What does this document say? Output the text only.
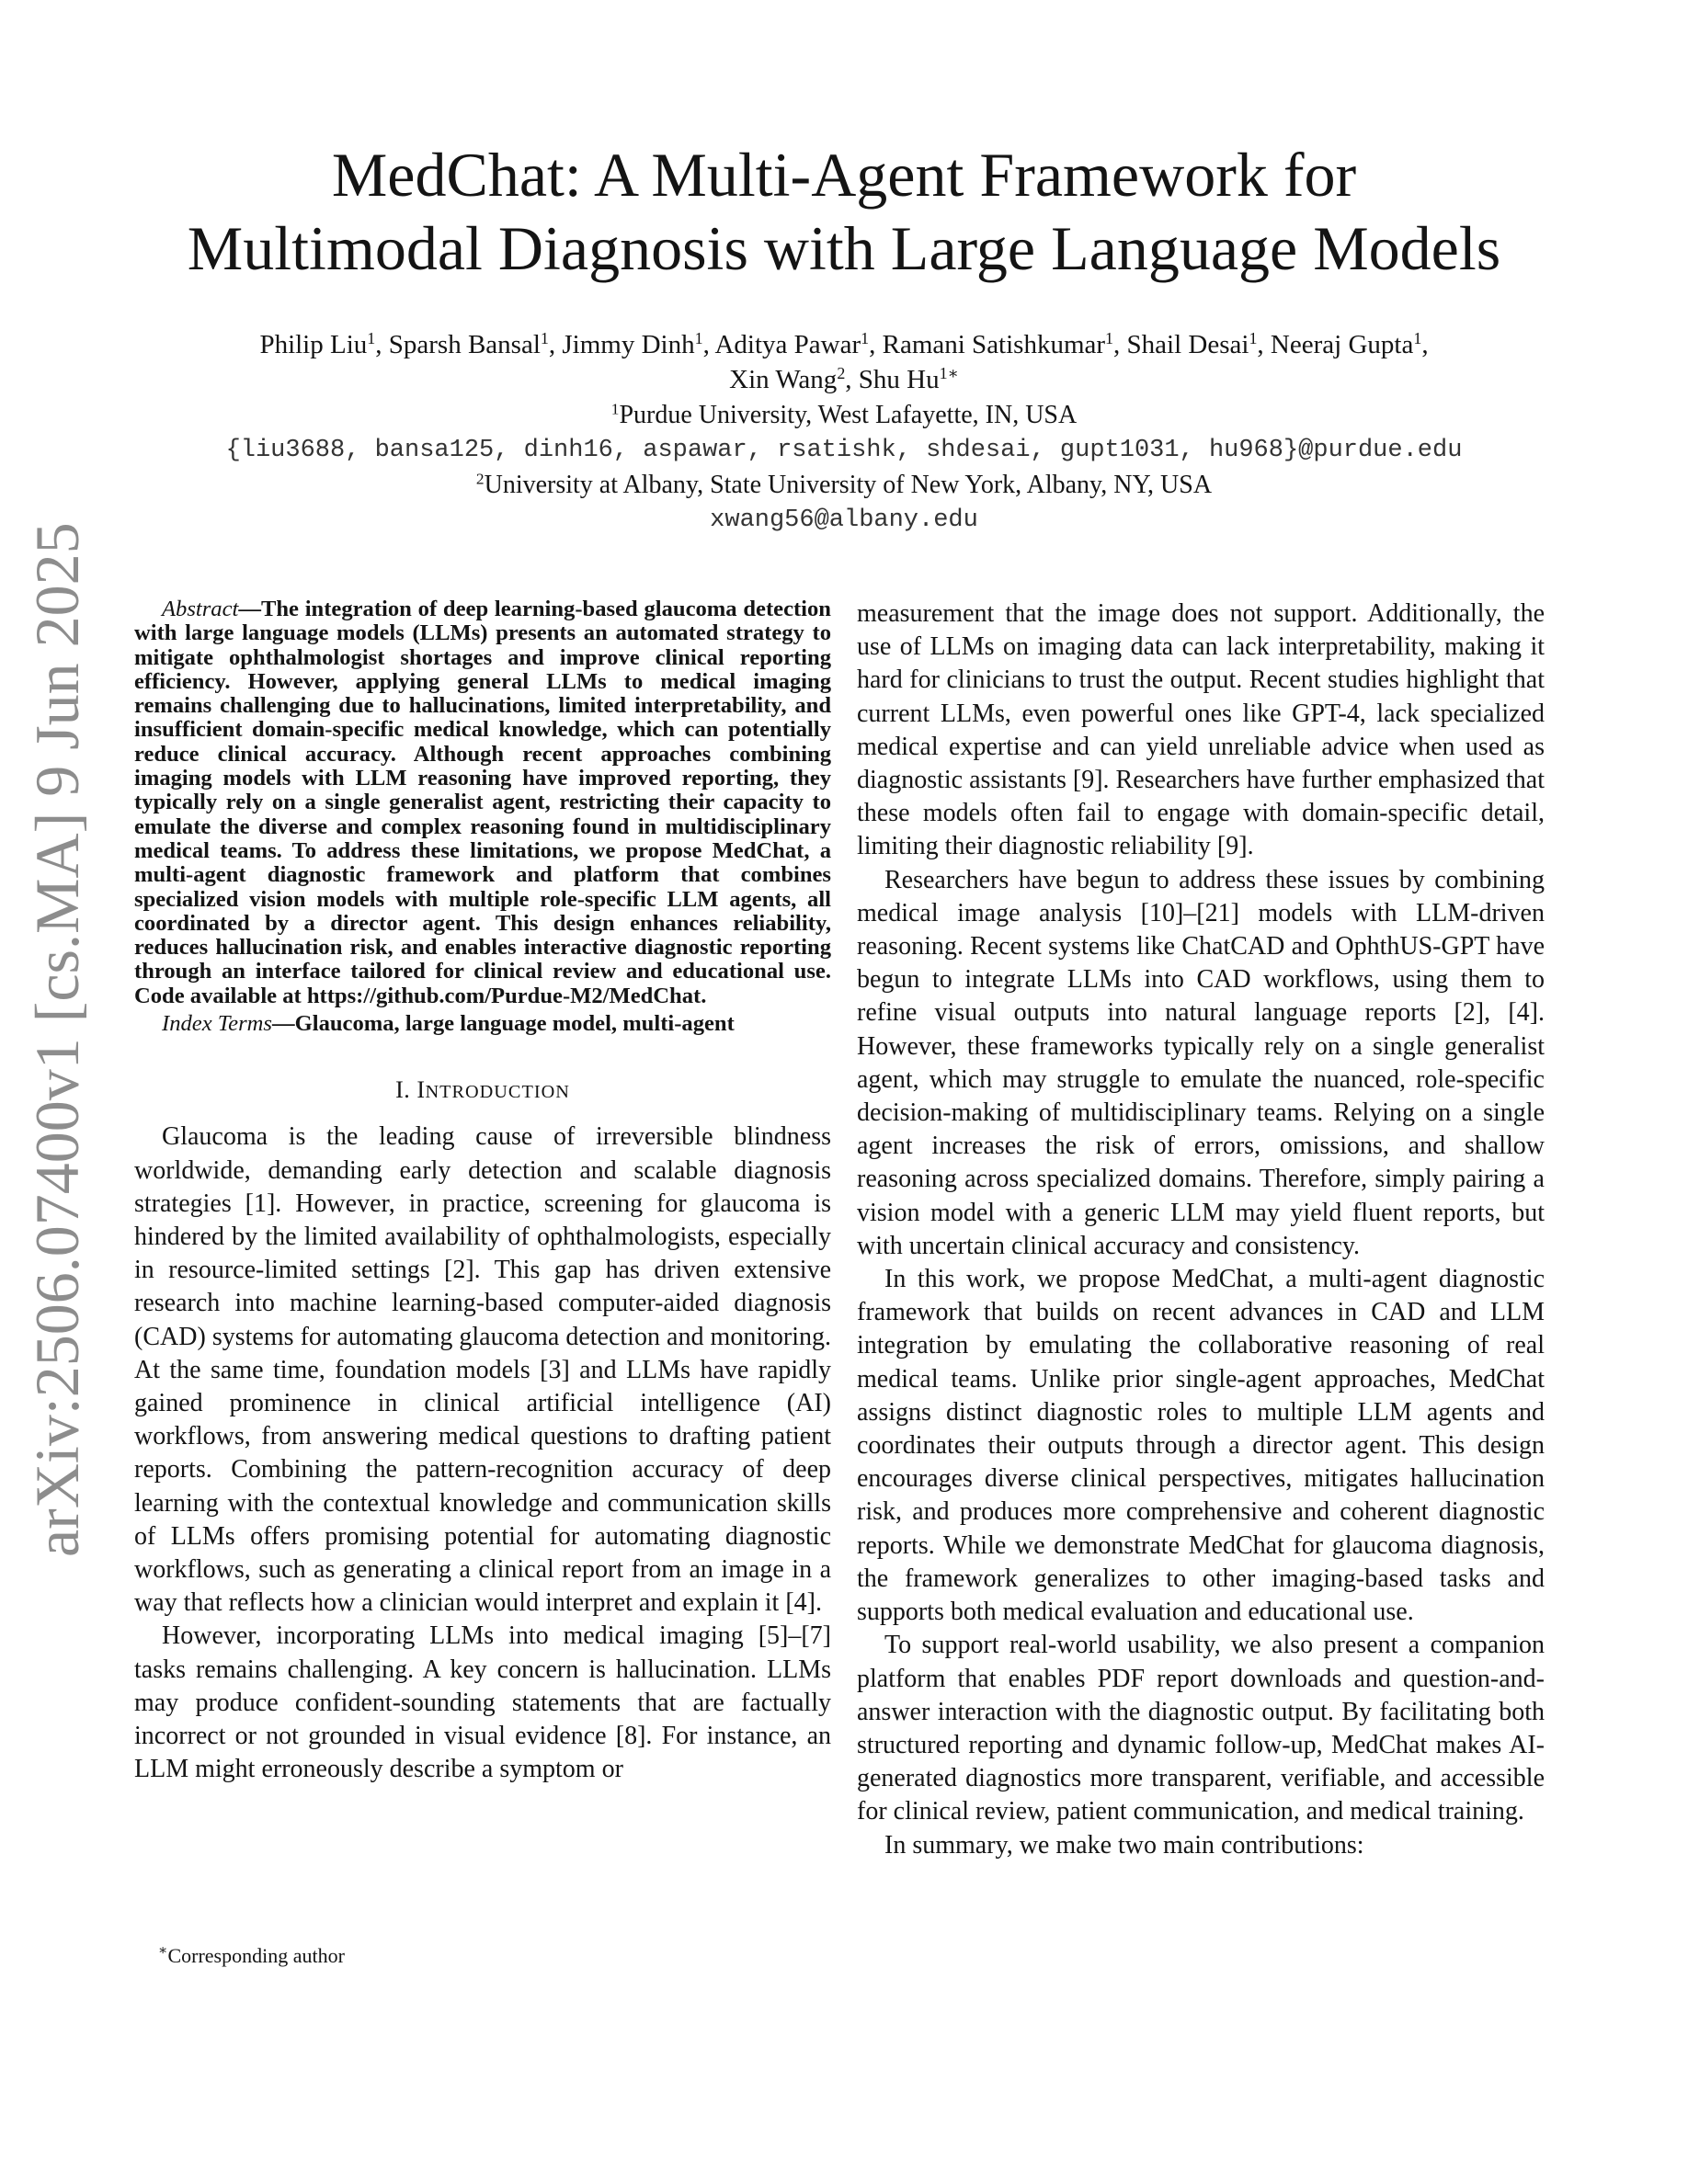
arXiv:2506.07400v1 [cs.MA] 9 Jun 2025
MedChat: A Multi-Agent Framework for
Multimodal Diagnosis with Large Language Models
Philip Liu$^1$, Sparsh Bansal$^1$, Jimmy Dinh$^1$, Aditya Pawar$^1$, Ramani Satishkumar$^1$, Shail Desai$^1$, Neeraj Gupta$^1$,
Xin Wang$^2$, Shu $Hu^{1∗}$
$^1$Purdue University, West Lafayette, IN, USA
{liu3688, bansa125, dinh16, aspawar, rsatishk, shdesai, gupt1031, hu968}@purdue.edu
$^2$University at Albany, State University of New York, Albany, NY, USA
xwang56@albany.edu

Abstract—The integration of deep learning-based glaucoma detection with large language models (LLMs) presents an automated strategy to mitigate ophthalmologist shortages and improve clinical reporting efficiency. However, applying general LLMs to medical imaging remains challenging due to hallucinations, limited interpretability, and insufficient domain-specific medical knowledge, which can potentially reduce clinical accuracy. Although recent approaches combining imaging models with LLM reasoning have improved reporting, they typically rely on a single generalist agent, restricting their capacity to emulate the diverse and complex reasoning found in multidisciplinary medical teams. To address these limitations, we propose MedChat, a multi-agent diagnostic framework and platform that combines specialized vision models with multiple role-specific LLM agents, all coordinated by a director agent. This design enhances reliability, reduces hallucination risk, and enables interactive diagnostic reporting through an interface tailored for clinical review and educational use. Code available at https://github.com/Purdue-M2/MedChat.

Index Terms—Glaucoma, large language model, multi-agent

I. INTRODUCTION

Glaucoma is the leading cause of irreversible blindness worldwide, demanding early detection and scalable diagnosis strategies [1]. However, in practice, screening for glaucoma is hindered by the limited availability of ophthalmologists, especially in resource-limited settings [2]. This gap has driven extensive research into machine learning-based computer-aided diagnosis (CAD) systems for automating glaucoma detection and monitoring. At the same time, foundation models [3] and LLMs have rapidly gained prominence in clinical artificial intelligence (AI) workflows, from answering medical questions to drafting patient reports. Combining the pattern-recognition accuracy of deep learning with the contextual knowledge and communication skills of LLMs offers promising potential for automating diagnostic workflows, such as generating a clinical report from an image in a way that reflects how a clinician would interpret and explain it [4].

However, incorporating LLMs into medical imaging [5]–[7] tasks remains challenging. A key concern is hallucination. LLMs may produce confident-sounding statements that are factually incorrect or not grounded in visual evidence [8]. For instance, an LLM might erroneously describe a symptom or

measurement that the image does not support. Additionally, the use of LLMs on imaging data can lack interpretability, making it hard for clinicians to trust the output. Recent studies highlight that current LLMs, even powerful ones like GPT-4, lack specialized medical expertise and can yield unreliable advice when used as diagnostic assistants [9]. Researchers have further emphasized that these models often fail to engage with domain-specific detail, limiting their diagnostic reliability [9].

Researchers have begun to address these issues by combining medical image analysis [10]–[21] models with LLM-driven reasoning. Recent systems like ChatCAD and OphthUS-GPT have begun to integrate LLMs into CAD workflows, using them to refine visual outputs into natural language reports [2], [4]. However, these frameworks typically rely on a single generalist agent, which may struggle to emulate the nuanced, role-specific decision-making of multidisciplinary teams. Relying on a single agent increases the risk of errors, omissions, and shallow reasoning across specialized domains. Therefore, simply pairing a vision model with a generic LLM may yield fluent reports, but with uncertain clinical accuracy and consistency.

In this work, we propose MedChat, a multi-agent diagnostic framework that builds on recent advances in CAD and LLM integration by emulating the collaborative reasoning of real medical teams. Unlike prior single-agent approaches, MedChat assigns distinct diagnostic roles to multiple LLM agents and coordinates their outputs through a director agent. This design encourages diverse clinical perspectives, mitigates hallucination risk, and produces more comprehensive and coherent diagnostic reports. While we demonstrate MedChat for glaucoma diagnosis, the framework generalizes to other imaging-based tasks and supports both medical evaluation and educational use.

To support real-world usability, we also present a companion platform that enables PDF report downloads and question-and-answer interaction with the diagnostic output. By facilitating both structured reporting and dynamic follow-up, MedChat makes AI-generated diagnostics more transparent, verifiable, and accessible for clinical review, patient communication, and medical training.

In summary, we make two main contributions:

∗Corresponding author
